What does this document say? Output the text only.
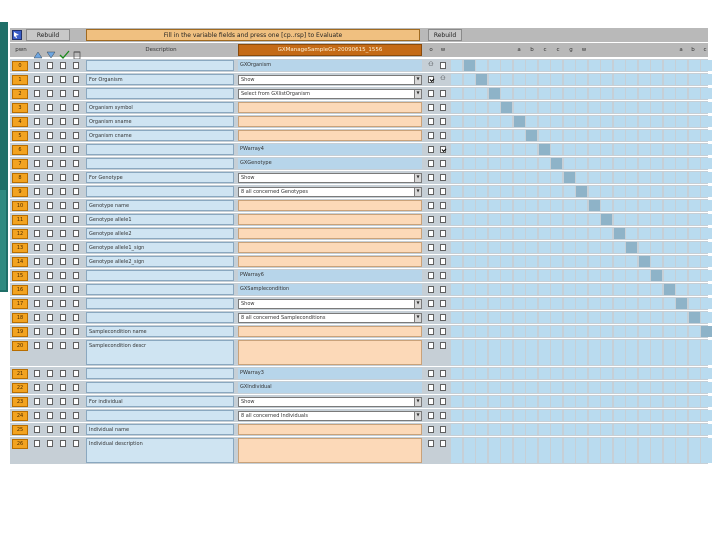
Rebuild	Fill in the variable fields and press one [cp..rsp] to Evaluate	Rebuild
pwn	Description	GXManageSampleGx-20090615_1556	o	w	a	b	c	c	g	w	a	b	c
0	GXOrganism	⚇
1	For Organism	Show	▼	⚇
2	Select from GXlistOrganism	▼
3	Organism symbol
4	Organism sname
5	Organism cname
6	PWarray4
7	GXGenotype
8	For Genotype	Show	▼
9	8 all concerned Genotypes	▼
10	Genotype name
11	Genotype allele1
12	Genotype allele2
13	Genotype allele1_sign
14	Genotype allele2_sign
15	PWarray6
16	GXSamplecondition
17	Show	▼
18	8 all concerned Sampleconditions	▼
19	Samplecondition name
20	Samplecondition descr
21	PWarray3
22	GXIndividual
23	For individual	Show	▼
24	8 all concerned Individuals	▼
25	Individual name
26	Individual description
